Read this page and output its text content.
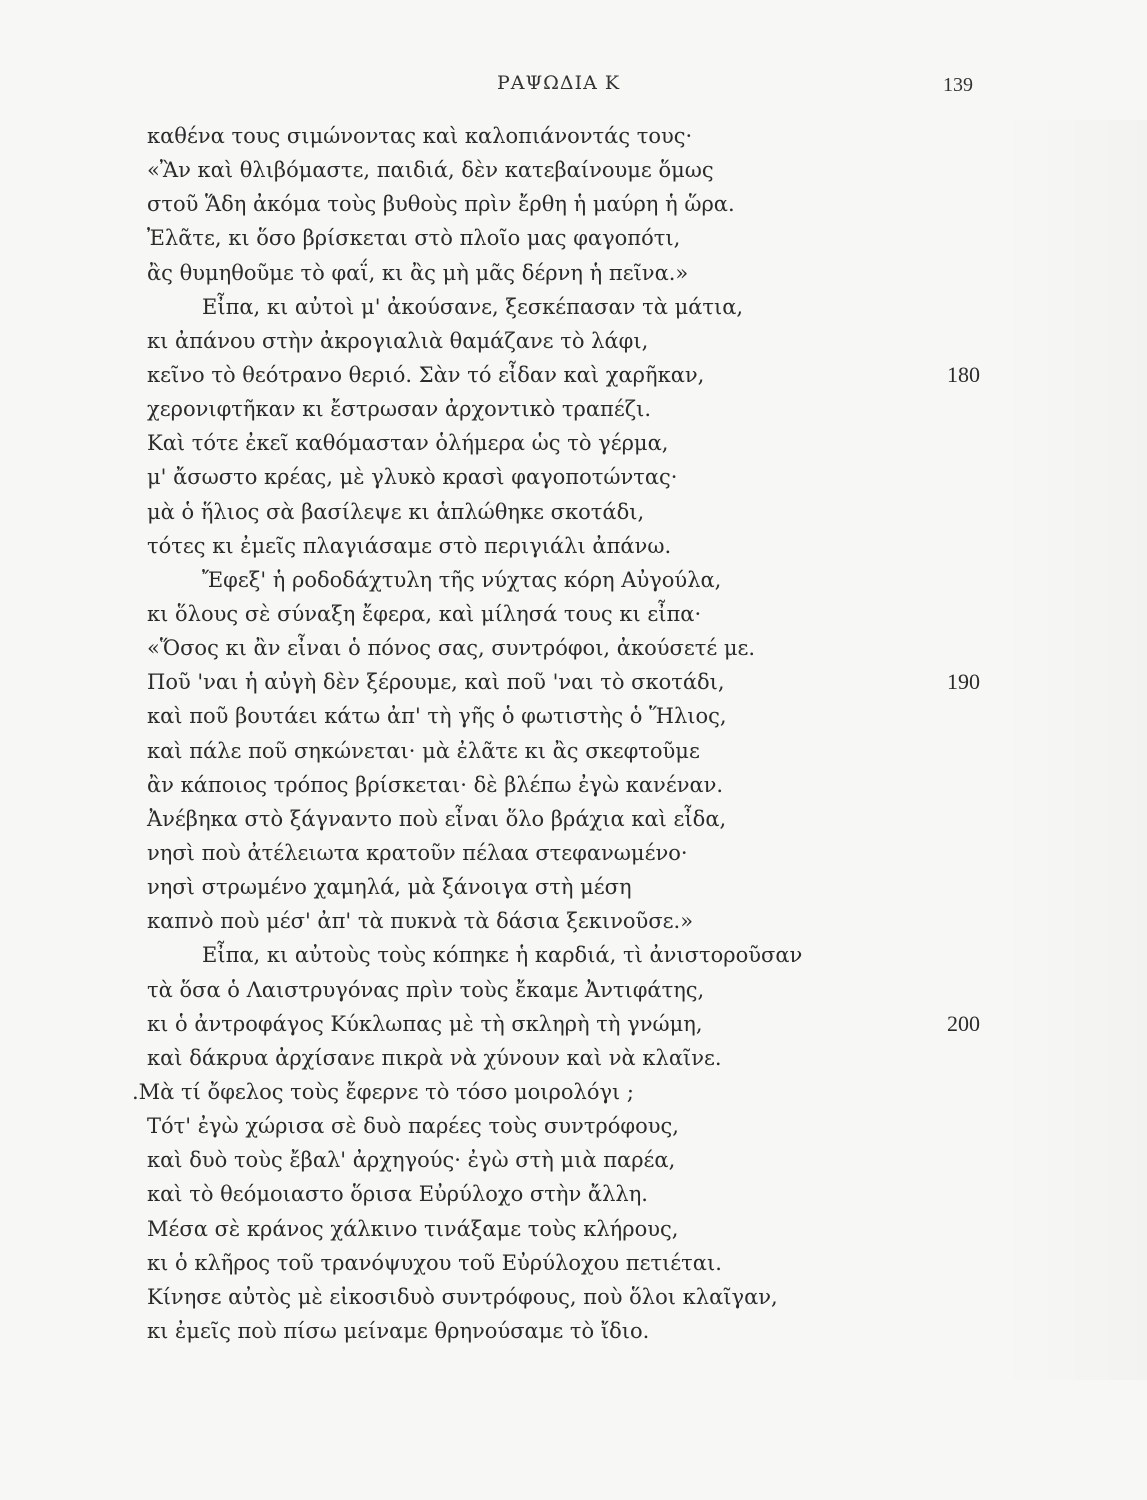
ΡΑΨΩΔΙΑ Κ	139
καθένα τους σιμώνοντας καὶ καλοπιάνοντάς τους·
«Ἂν καὶ θλιβόμαστε, παιδιά, δὲν κατεβαίνουμε ὅμως
στοῦ Ἅδη ἀκόμα τοὺς βυθοὺς πρὶν ἔρθη ἡ μαύρη ἡ ὥρα.
Ἐλᾶτε, κι ὅσο βρίσκεται στὸ πλοῖο μας φαγοπότι,
ἂς θυμηθοῦμε τὸ φαΐ, κι ἂς μὴ μᾶς δέρνη ἡ πεῖνα.»
Εἶπα, κι αὐτοὶ μ' ἀκούσανε, ξεσκέπασαν τὰ μάτια,
κι ἀπάνου στὴν ἀκρογιαλιὰ θαμάζανε τὸ λάφι,
κεῖνο τὸ θεότρανο θεριό. Σὰν τό εἶδαν καὶ χαρῆκαν,	180
χερονιφτῆκαν κι ἔστρωσαν ἀρχοντικὸ τραπέζι.
Καὶ τότε ἐκεῖ καθόμασταν ὁλήμερα ὡς τὸ γέρμα,
μ' ἄσωστο κρέας, μὲ γλυκὸ κρασὶ φαγοποτώντας·
μὰ ὁ ἥλιος σὰ βασίλεψε κι ἁπλώθηκε σκοτάδι,
τότες κι ἐμεῖς πλαγιάσαμε στὸ περιγιάλι ἀπάνω.
Ἔφεξ' ἡ ροδοδάχτυλη τῆς νύχτας κόρη Αὐγούλα,
κι ὅλους σὲ σύναξη ἔφερα, καὶ μίλησά τους κι εἶπα·
«Ὅσος κι ἂν εἶναι ὁ πόνος σας, συντρόφοι, ἀκούσετέ με.
Ποῦ 'ναι ἡ αὐγὴ δὲν ξέρουμε, καὶ ποῦ 'ναι τὸ σκοτάδι,	190
καὶ ποῦ βουτάει κάτω ἀπ' τὴ γῆς ὁ φωτιστὴς ὁ Ἥλιος,
καὶ πάλε ποῦ σηκώνεται· μὰ ἐλᾶτε κι ἂς σκεφτοῦμε
ἂν κάποιος τρόπος βρίσκεται· δὲ βλέπω ἐγὼ κανέναν.
Ἀνέβηκα στὸ ξάγναντο ποὺ εἶναι ὅλο βράχια καὶ εἶδα,
νησὶ ποὺ ἀτέλειωτα κρατοῦν πέλαα στεφανωμένο·
νησὶ στρωμένο χαμηλά, μὰ ξάνοιγα στὴ μέση
καπνὸ ποὺ μέσ' ἀπ' τὰ πυκνὰ τὰ δάσια ξεκινοῦσε.»
Εἶπα, κι αὐτοὺς τοὺς κόπηκε ἡ καρδιά, τὶ ἀνιστοροῦσαν
τὰ ὅσα ὁ Λαιστρυγόνας πρὶν τοὺς ἔκαμε Ἀντιφάτης,
κι ὁ ἀντροφάγος Κύκλωπας μὲ τὴ σκληρὴ τὴ γνώμη,	200
καὶ δάκρυα ἀρχίσανε πικρὰ νὰ χύνουν καὶ νὰ κλαῖνε.
.Μὰ τί ὄφελος τοὺς ἔφερνε τὸ τόσο μοιρολόγι ;
Τότ' ἐγὼ χώρισα σὲ δυὸ παρέες τοὺς συντρόφους,
καὶ δυὸ τοὺς ἔβαλ' ἀρχηγούς· ἐγὼ στὴ μιὰ παρέα,
καὶ τὸ θεόμοιαστο ὅρισα Εὐρύλοχο στὴν ἄλλη.
Μέσα σὲ κράνος χάλκινο τινάξαμε τοὺς κλήρους,
κι ὁ κλῆρος τοῦ τρανόψυχου τοῦ Εὐρύλοχου πετιέται.
Κίνησε αὐτὸς μὲ εἰκοσιδυὸ συντρόφους, ποὺ ὅλοι κλαῖγαν,
κι ἐμεῖς ποὺ πίσω μείναμε θρηνούσαμε τὸ ἴδιο.
